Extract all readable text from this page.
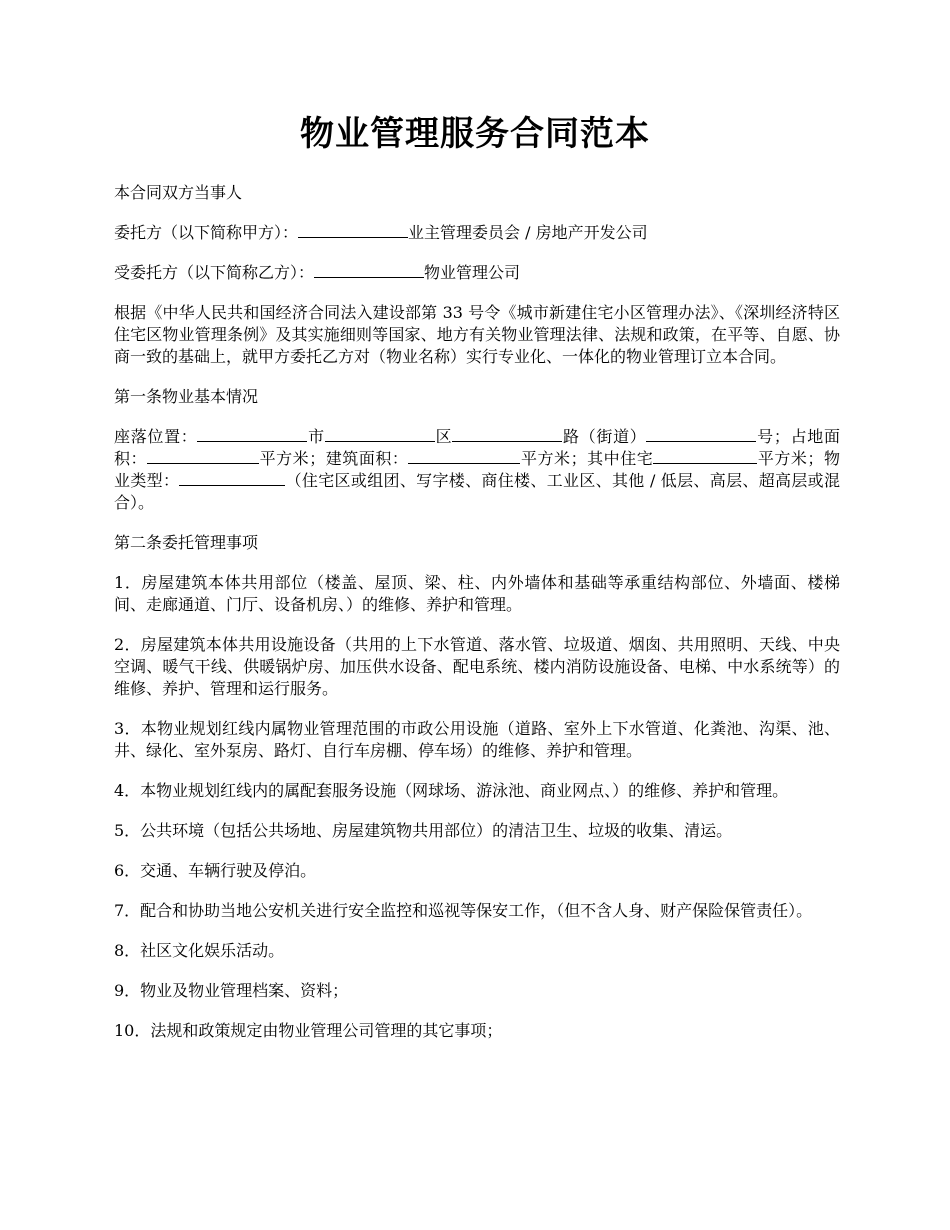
物业管理服务合同范本

本合同双方当事人

委托方（以下简称甲方）：	业主管理委员会 / 房地产开发公司

受委托方（以下简称乙方）：	物业管理公司

根据《中华人民共和国经济合同法入建设部第 33 号令《城市新建住宅小区管理办法》、《深圳经济特区住宅区物业管理条例》及其实施细则等国家、地方有关物业管理法律、法规和政策，在平等、自愿、协商一致的基础上，就甲方委托乙方对（物业名称）实行专业化、一体化的物业管理订立本合同。

第一条物业基本情况

座落位置：	市	区	路（街道）	号；占地面积：	平方米；建筑面积：	平方米；其中住宅	平方米；物业类型：	（住宅区或组团、写字楼、商住楼、工业区、其他 / 低层、高层、超高层或混合）。

第二条委托管理事项

1．房屋建筑本体共用部位（楼盖、屋顶、梁、柱、内外墙体和基础等承重结构部位、外墙面、楼梯间、走廊通道、门厅、设备机房、）的维修、养护和管理。

2．房屋建筑本体共用设施设备（共用的上下水管道、落水管、垃圾道、烟囱、共用照明、天线、中央空调、暖气干线、供暖锅炉房、加压供水设备、配电系统、楼内消防设施设备、电梯、中水系统等）的维修、养护、管理和运行服务。

3．本物业规划红线内属物业管理范围的市政公用设施（道路、室外上下水管道、化粪池、沟渠、池、井、绿化、室外泵房、路灯、自行车房棚、停车场）的维修、养护和管理。

4．本物业规划红线内的属配套服务设施（网球场、游泳池、商业网点、）的维修、养护和管理。

5．公共环境（包括公共场地、房屋建筑物共用部位）的清洁卫生、垃圾的收集、清运。

6．交通、车辆行驶及停泊。

7．配合和协助当地公安机关进行安全监控和巡视等保安工作，（但不含人身、财产保险保管责任）。

8．社区文化娱乐活动。

9．物业及物业管理档案、资料；

10．法规和政策规定由物业管理公司管理的其它事项；
